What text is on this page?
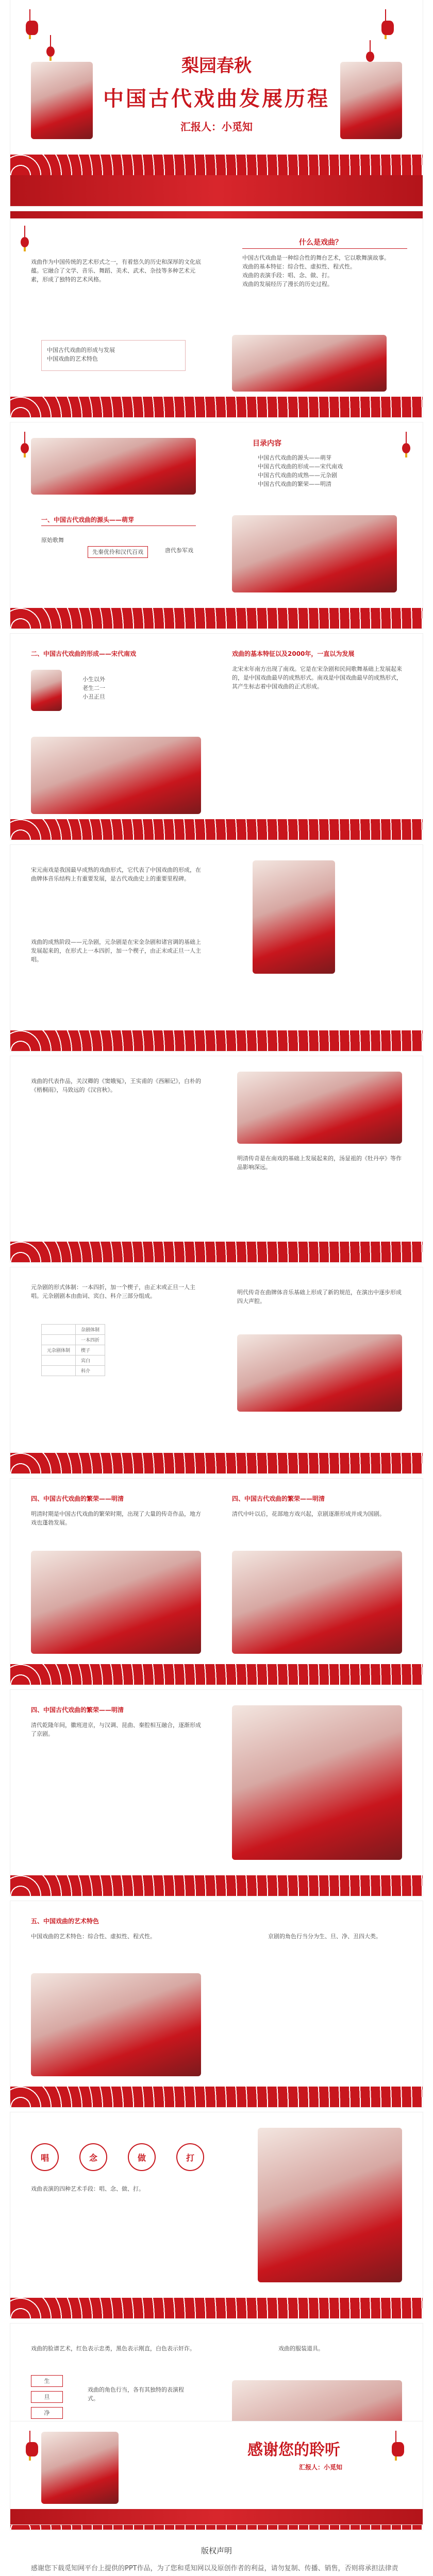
梨园春秋
中国古代戏曲发展历程
汇报人：小觅知
戏曲作为中国传统的艺术形式之一，有着悠久的历史和深厚的文化底蕴。它融合了文学、音乐、舞蹈、美术、武术、杂技等多种艺术元素，形成了独特的艺术风格。
什么是戏曲？
中国古代戏曲是一种综合性的舞台艺术，它以歌舞演故事。
戏曲的基本特征：综合性、虚拟性、程式性。
戏曲的表演手段：唱、念、做、打。
戏曲的发展经历了漫长的历史过程。
中国古代戏曲的形成与发展
中国戏曲的艺术特色
目录内容
中国古代戏曲的源头——萌芽
中国古代戏曲的形成——宋代南戏
中国古代戏曲的成熟——元杂剧
中国古代戏曲的繁荣——明清
一、中国古代戏曲的源头——萌芽
原始歌舞
先秦优伶和汉代百戏	唐代参军戏
二、中国古代戏曲的形成——宋代南戏	戏曲的基本特征以及2000年，一直以为发展
小生以外
老生二一
小丑正旦
北宋末年南方出现了南戏。它是在宋杂剧和民间歌舞基础上发展起来的，是中国戏曲最早的成熟形式。南戏是中国戏曲最早的成熟形式，其产生标志着中国戏曲的正式形成。
宋元南戏是我国最早成熟的戏曲形式，它代表了中国戏曲的形成，在曲牌体音乐结构上有重要发展，是古代戏曲史上的重要里程碑。
戏曲的成熟阶段——元杂剧，元杂剧是在宋金杂剧和诸宫调的基础上发展起来的，在形式上一本四折，加一个楔子，由正末或正旦一人主唱。
戏曲的代表作品，关汉卿的《窦娥冤》，王实甫的《西厢记》，白朴的《梧桐雨》，马致远的《汉宫秋》。
明清传奇是在南戏的基础上发展起来的，汤显祖的《牡丹亭》等作品影响深远。
元杂剧的形式体制：一本四折，加一个楔子，由正末或正旦一人主唱。元杂剧剧本由曲词、宾白、科介三部分组成。
	杂剧体制
	一本四折
元杂剧体制	楔子
	宾白
	科介
明代传奇在曲牌体音乐基础上形成了新的规范，在演出中逐步形成四大声腔。
四、中国古代戏曲的繁荣——明清	四、中国古代戏曲的繁荣——明清
明清时期是中国古代戏曲的繁荣时期，出现了大量的传奇作品，地方戏也蓬勃发展。
清代中叶以后，花部地方戏兴起，京剧逐渐形成并成为国剧。
四、中国古代戏曲的繁荣——明清
清代乾隆年间，徽班进京，与汉调、昆曲、秦腔相互融合，逐渐形成了京剧。
五、中国戏曲的艺术特色
中国戏曲的艺术特色：综合性、虚拟性、程式性。	京剧的角色行当分为生、旦、净、丑四大类。
唱	念	做	打
戏曲表演的四种艺术手段：唱、念、做、打。
戏曲的脸谱艺术，红色表示忠勇，黑色表示刚直，白色表示奸诈。	戏曲的服装道具。
生
旦
净
戏曲的角色行当，各有其独特的表演程式。
感谢您的聆听
汇报人：小觅知
版权声明
感谢您下载觅知网平台上提供的PPT作品，为了您和觅知网以及原创作者的利益，请勿复制、传播、销售，否则将承担法律责
